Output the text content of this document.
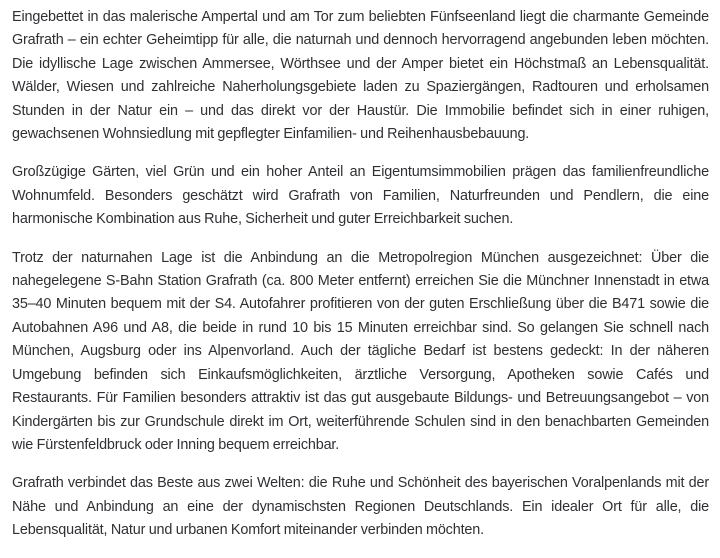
Eingebettet in das malerische Ampertal und am Tor zum beliebten Fünfseenland liegt die charmante Gemeinde Grafrath – ein echter Geheimtipp für alle, die naturnah und dennoch hervorragend angebunden leben möchten. Die idyllische Lage zwischen Ammersee, Wörthsee und der Amper bietet ein Höchstmaß an Lebensqualität. Wälder, Wiesen und zahlreiche Naherholungsgebiete laden zu Spaziergängen, Radtouren und erholsamen Stunden in der Natur ein – und das direkt vor der Haustür. Die Immobilie befindet sich in einer ruhigen, gewachsenen Wohnsiedlung mit gepflegter Einfamilien- und Reihenhausbebauung.

Großzügige Gärten, viel Grün und ein hoher Anteil an Eigentumsimmobilien prägen das familienfreundliche Wohnumfeld. Besonders geschätzt wird Grafrath von Familien, Naturfreunden und Pendlern, die eine harmonische Kombination aus Ruhe, Sicherheit und guter Erreichbarkeit suchen.

Trotz der naturnahen Lage ist die Anbindung an die Metropolregion München ausgezeichnet: Über die nahegelegene S-Bahn Station Grafrath (ca. 800 Meter entfernt) erreichen Sie die Münchner Innenstadt in etwa 35–40 Minuten bequem mit der S4. Autofahrer profitieren von der guten Erschließung über die B471 sowie die Autobahnen A96 und A8, die beide in rund 10 bis 15 Minuten erreichbar sind. So gelangen Sie schnell nach München, Augsburg oder ins Alpenvorland. Auch der tägliche Bedarf ist bestens gedeckt: In der näheren Umgebung befinden sich Einkaufsmöglichkeiten, ärztliche Versorgung, Apotheken sowie Cafés und Restaurants. Für Familien besonders attraktiv ist das gut ausgebaute Bildungs- und Betreuungsangebot – von Kindergärten bis zur Grundschule direkt im Ort, weiterführende Schulen sind in den benachbarten Gemeinden wie Fürstenfeldbruck oder Inning bequem erreichbar.

Grafrath verbindet das Beste aus zwei Welten: die Ruhe und Schönheit des bayerischen Voralpenlands mit der Nähe und Anbindung an eine der dynamischsten Regionen Deutschlands. Ein idealer Ort für alle, die Lebensqualität, Natur und urbanen Komfort miteinander verbinden möchten.
